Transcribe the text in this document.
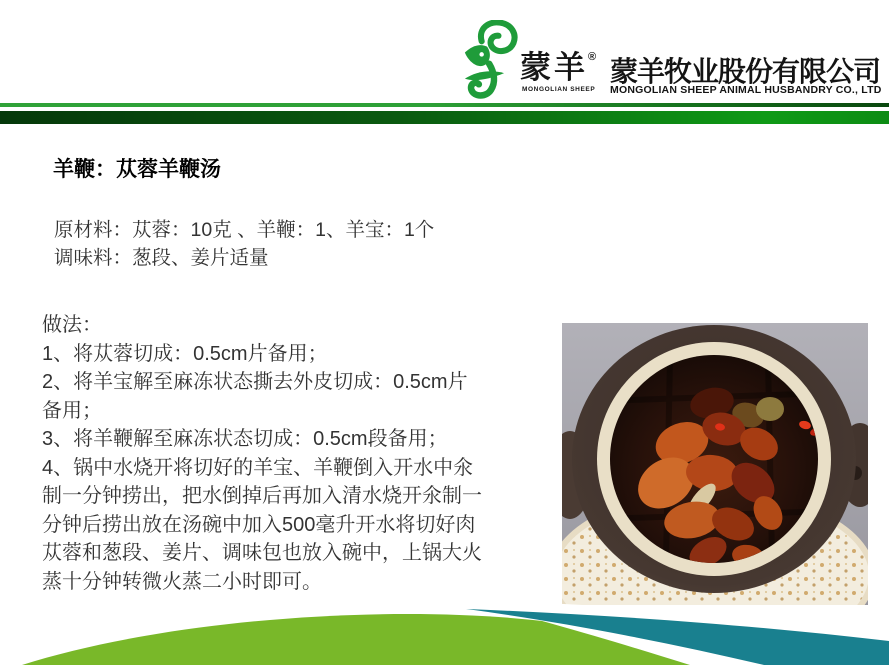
蒙羊®
MONGOLIAN SHEEP
蒙羊牧业股份有限公司
MONGOLIAN SHEEP ANIMAL HUSBANDRY CO., LTD
羊鞭：苁蓉羊鞭汤
原材料：苁蓉：10克 、羊鞭：1、羊宝：1个
调味料：葱段、姜片适量
做法：
1、将苁蓉切成：0.5cm片备用；
2、将羊宝解至麻冻状态撕去外皮切成：0.5cm片
备用；
3、将羊鞭解至麻冻状态切成：0.5cm段备用；
4、锅中水烧开将切好的羊宝、羊鞭倒入开水中氽
制一分钟捞出，把水倒掉后再加入清水烧开氽制一
分钟后捞出放在汤碗中加入500毫升开水将切好肉
苁蓉和葱段、姜片、调味包也放入碗中，上锅大火
蒸十分钟转微火蒸二小时即可。
